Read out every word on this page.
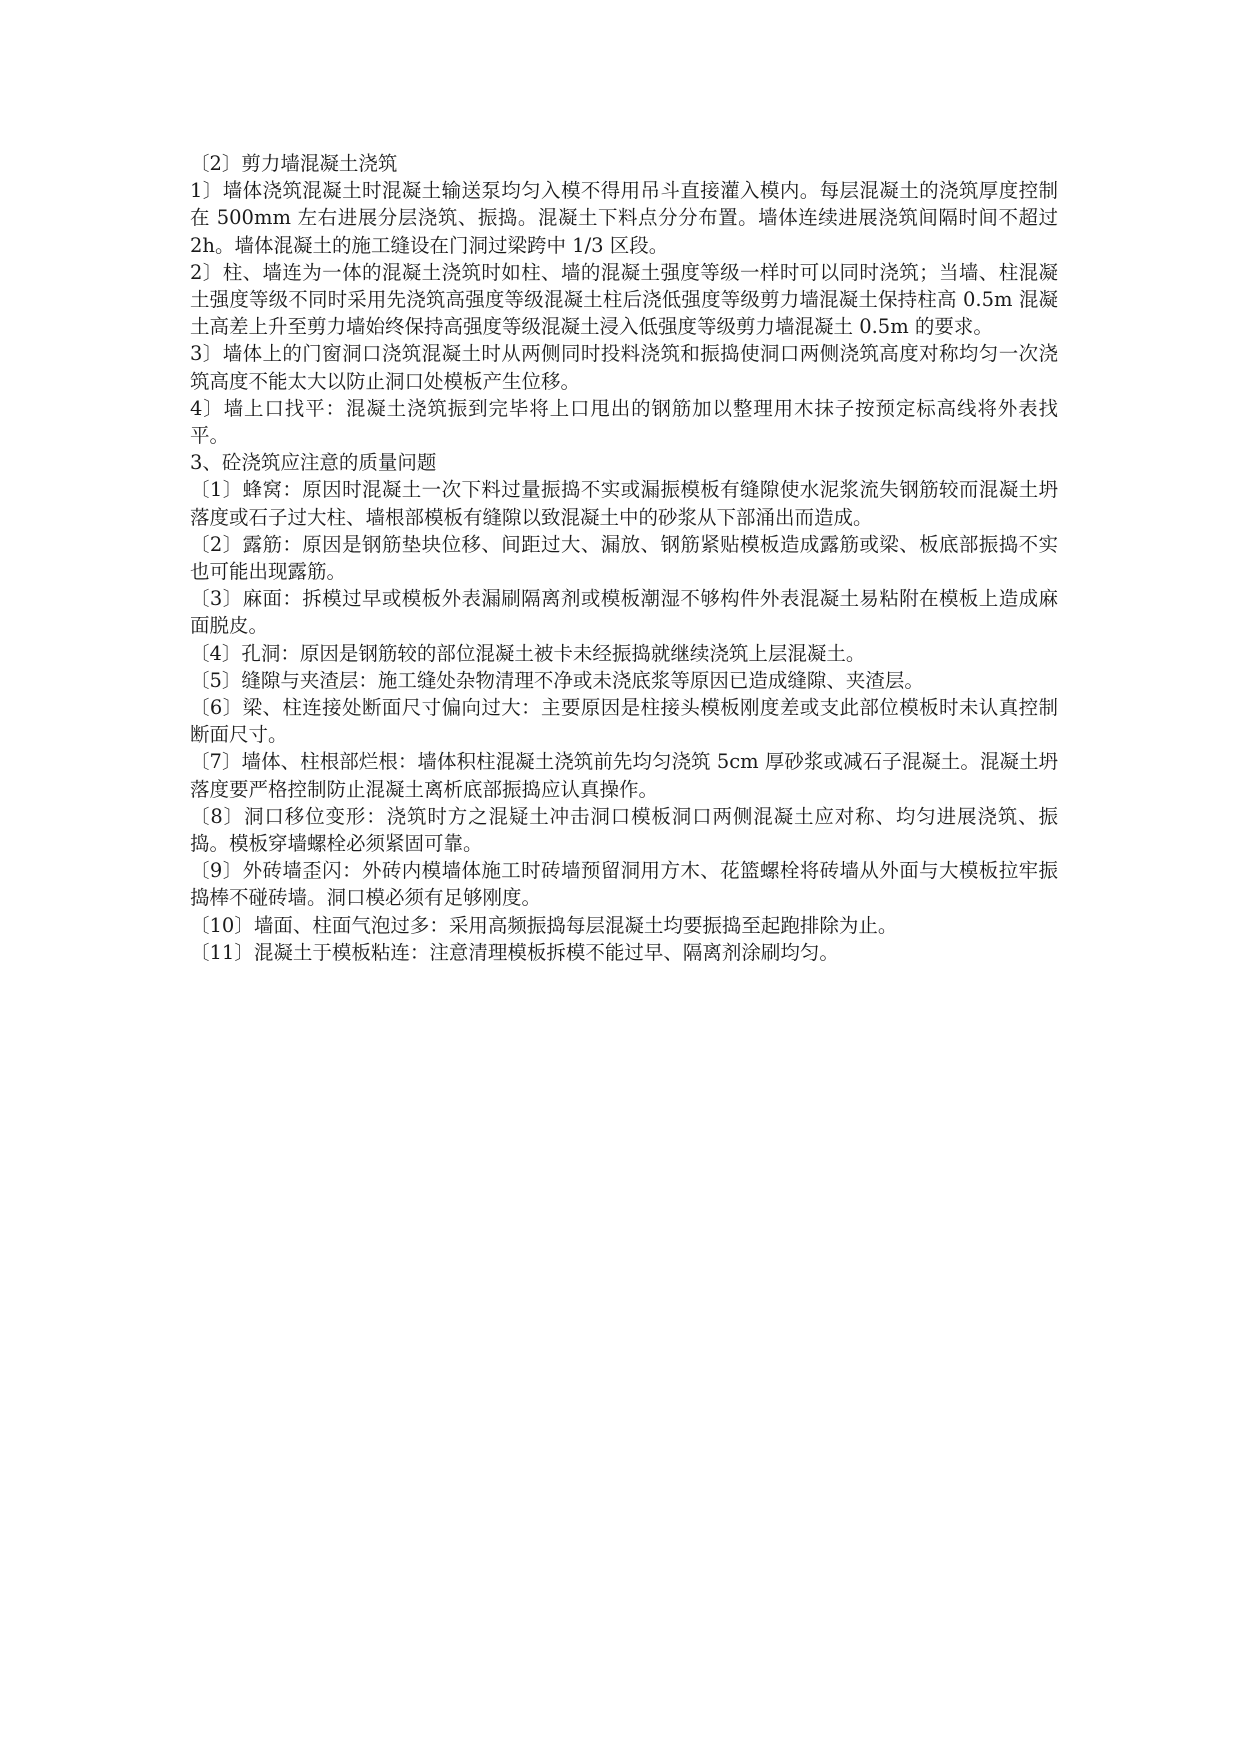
〔2〕剪力墙混凝土浇筑

1〕墙体浇筑混凝土时混凝土输送泵均匀入模不得用吊斗直接灌入模内。每层混凝土的浇筑厚度控制在 500mm 左右进展分层浇筑、振捣。混凝土下料点分分布置。墙体连续进展浇筑间隔时间不超过 2h。墙体混凝土的施工缝设在门洞过梁跨中 1/3 区段。

2〕柱、墙连为一体的混凝土浇筑时如柱、墙的混凝土强度等级一样时可以同时浇筑；当墙、柱混凝土强度等级不同时采用先浇筑高强度等级混凝土柱后浇低强度等级剪力墙混凝土保持柱高 0.5m 混凝土高差上升至剪力墙始终保持高强度等级混凝土浸入低强度等级剪力墙混凝土 0.5m 的要求。

3〕墙体上的门窗洞口浇筑混凝土时从两侧同时投料浇筑和振捣使洞口两侧浇筑高度对称均匀一次浇筑高度不能太大以防止洞口处模板产生位移。

4〕墙上口找平：混凝土浇筑振到完毕将上口甩出的钢筋加以整理用木抹子按预定标高线将外表找平。

3、砼浇筑应注意的质量问题

〔1〕蜂窝：原因时混凝土一次下料过量振捣不实或漏振模板有缝隙使水泥浆流失钢筋较而混凝土坍落度或石子过大柱、墙根部模板有缝隙以致混凝土中的砂浆从下部涌出而造成。

〔2〕露筋：原因是钢筋垫块位移、间距过大、漏放、钢筋紧贴模板造成露筋或梁、板底部振捣不实也可能出现露筋。

〔3〕麻面：拆模过早或模板外表漏刷隔离剂或模板潮湿不够构件外表混凝土易粘附在模板上造成麻面脱皮。

〔4〕孔洞：原因是钢筋较的部位混凝土被卡未经振捣就继续浇筑上层混凝土。

〔5〕缝隙与夹渣层：施工缝处杂物清理不净或未浇底浆等原因已造成缝隙、夹渣层。

〔6〕梁、柱连接处断面尺寸偏向过大：主要原因是柱接头模板刚度差或支此部位模板时未认真控制断面尺寸。

〔7〕墙体、柱根部烂根：墙体积柱混凝土浇筑前先均匀浇筑 5cm 厚砂浆或减石子混凝土。混凝土坍落度要严格控制防止混凝土离析底部振捣应认真操作。

〔8〕洞口移位变形：浇筑时方之混疑土冲击洞口模板洞口两侧混凝土应对称、均匀进展浇筑、振捣。模板穿墙螺栓必须紧固可靠。

〔9〕外砖墙歪闪：外砖内模墙体施工时砖墙预留洞用方木、花篮螺栓将砖墙从外面与大模板拉牢振捣棒不碰砖墙。洞口模必须有足够刚度。

〔10〕墙面、柱面气泡过多：采用高频振捣每层混凝土均要振捣至起跑排除为止。

〔11〕混凝土于模板粘连：注意清理模板拆模不能过早、隔离剂涂刷均匀。
